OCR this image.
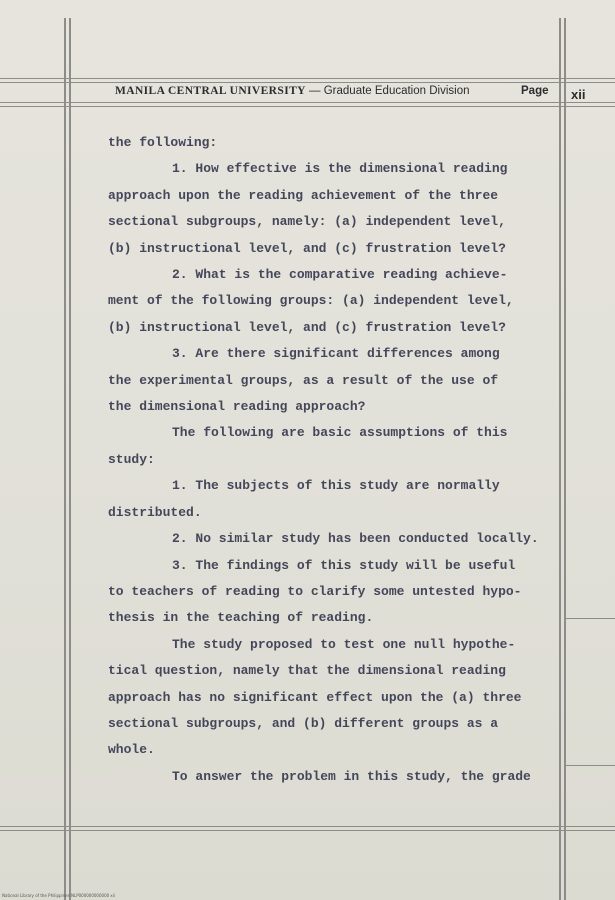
MANILA CENTRAL UNIVERSITY — Graduate Education Division	Page xii

the following:

1. How effective is the dimensional reading

approach upon the reading achievement of the three

sectional subgroups, namely: (a) independent level,

(b) instructional level, and (c) frustration level?

2. What is the comparative reading achieve-

ment of the following groups: (a) independent level,

(b) instructional level, and (c) frustration level?

3. Are there significant differences among

the experimental groups, as a result of the use of

the dimensional reading approach?

The following are basic assumptions of this

study:

1. The subjects of this study are normally

distributed.

2. No similar study has been conducted locally.

3. The findings of this study will be useful

to teachers of reading to clarify some untested hypo-

thesis in the teaching of reading.

The study proposed to test one null hypothe-

tical question, namely that the dimensional reading

approach has no significant effect upon the (a) three

sectional subgroups, and (b) different groups as a

whole.

To answer the problem in this study, the grade

National Library of the Philippines NLP000000000000 xii
